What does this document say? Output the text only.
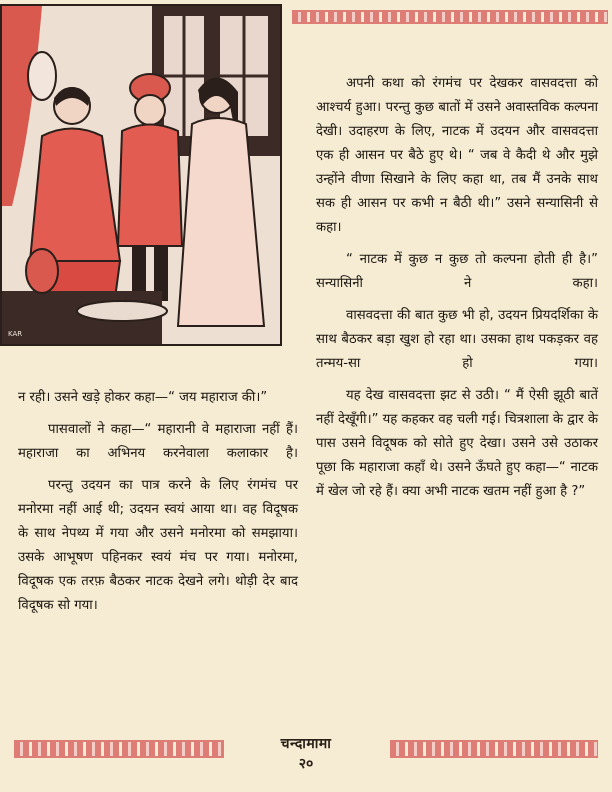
KAR

अपनी कथा को रंगमंच पर देखकर वासवदत्ता को आश्चर्य हुआ। परन्तु कुछ बातों में उसने अवास्तविक कल्पना देखी। उदाहरण के लिए, नाटक में उदयन और वासवदत्ता एक ही आसन पर बैठे हुए थे। “ जब वे कैदी थे और मुझे उन्होंने वीणा सिखाने के लिए कहा था, तब मैं उनके साथ सक ही आसन पर कभी न बैठी थी।” उसने सन्यासिनी से कहा।

“ नाटक में कुछ न कुछ तो कल्पना होती ही है।” सन्यासिनी ने कहा।

वासवदत्ता की बात कुछ भी हो, उदयन प्रियदर्शिका के साथ बैठकर बड़ा खुश हो रहा था। उसका हाथ पकड़कर वह तन्मय-सा हो गया।

यह देख वासवदत्ता झट से उठी। “ मैं ऐसी झूठी बातें नहीं देखूँगी।” यह कहकर वह चली गई। चित्रशाला के द्वार के पास उसने विदूषक को सोते हुए देखा। उसने उसे उठाकर पूछा कि महाराजा कहाँ थे। उसने ऊँघते हुए कहा—“ नाटक में खेल जो रहे हैं। क्या अभी नाटक खतम नहीं हुआ है ?”

न रही। उसने खड़े होकर कहा—“ जय महाराज की।”

पासवालों ने कहा—“ महारानी वे महाराजा नहीं हैं। महाराजा का अभिनय करनेवाला कलाकार है।

परन्तु उदयन का पात्र करने के लिए रंगमंच पर मनोरमा नहीं आई थी; उदयन स्वयं आया था। वह विदूषक के साथ नेपथ्य में गया और उसने मनोरमा को समझाया। उसके आभूषण पहिनकर स्वयं मंच पर गया। मनोरमा, विदूषक एक तरफ़ बैठकर नाटक देखने लगे। थोड़ी देर बाद विदूषक सो गया।

चन्दामामा
२०
